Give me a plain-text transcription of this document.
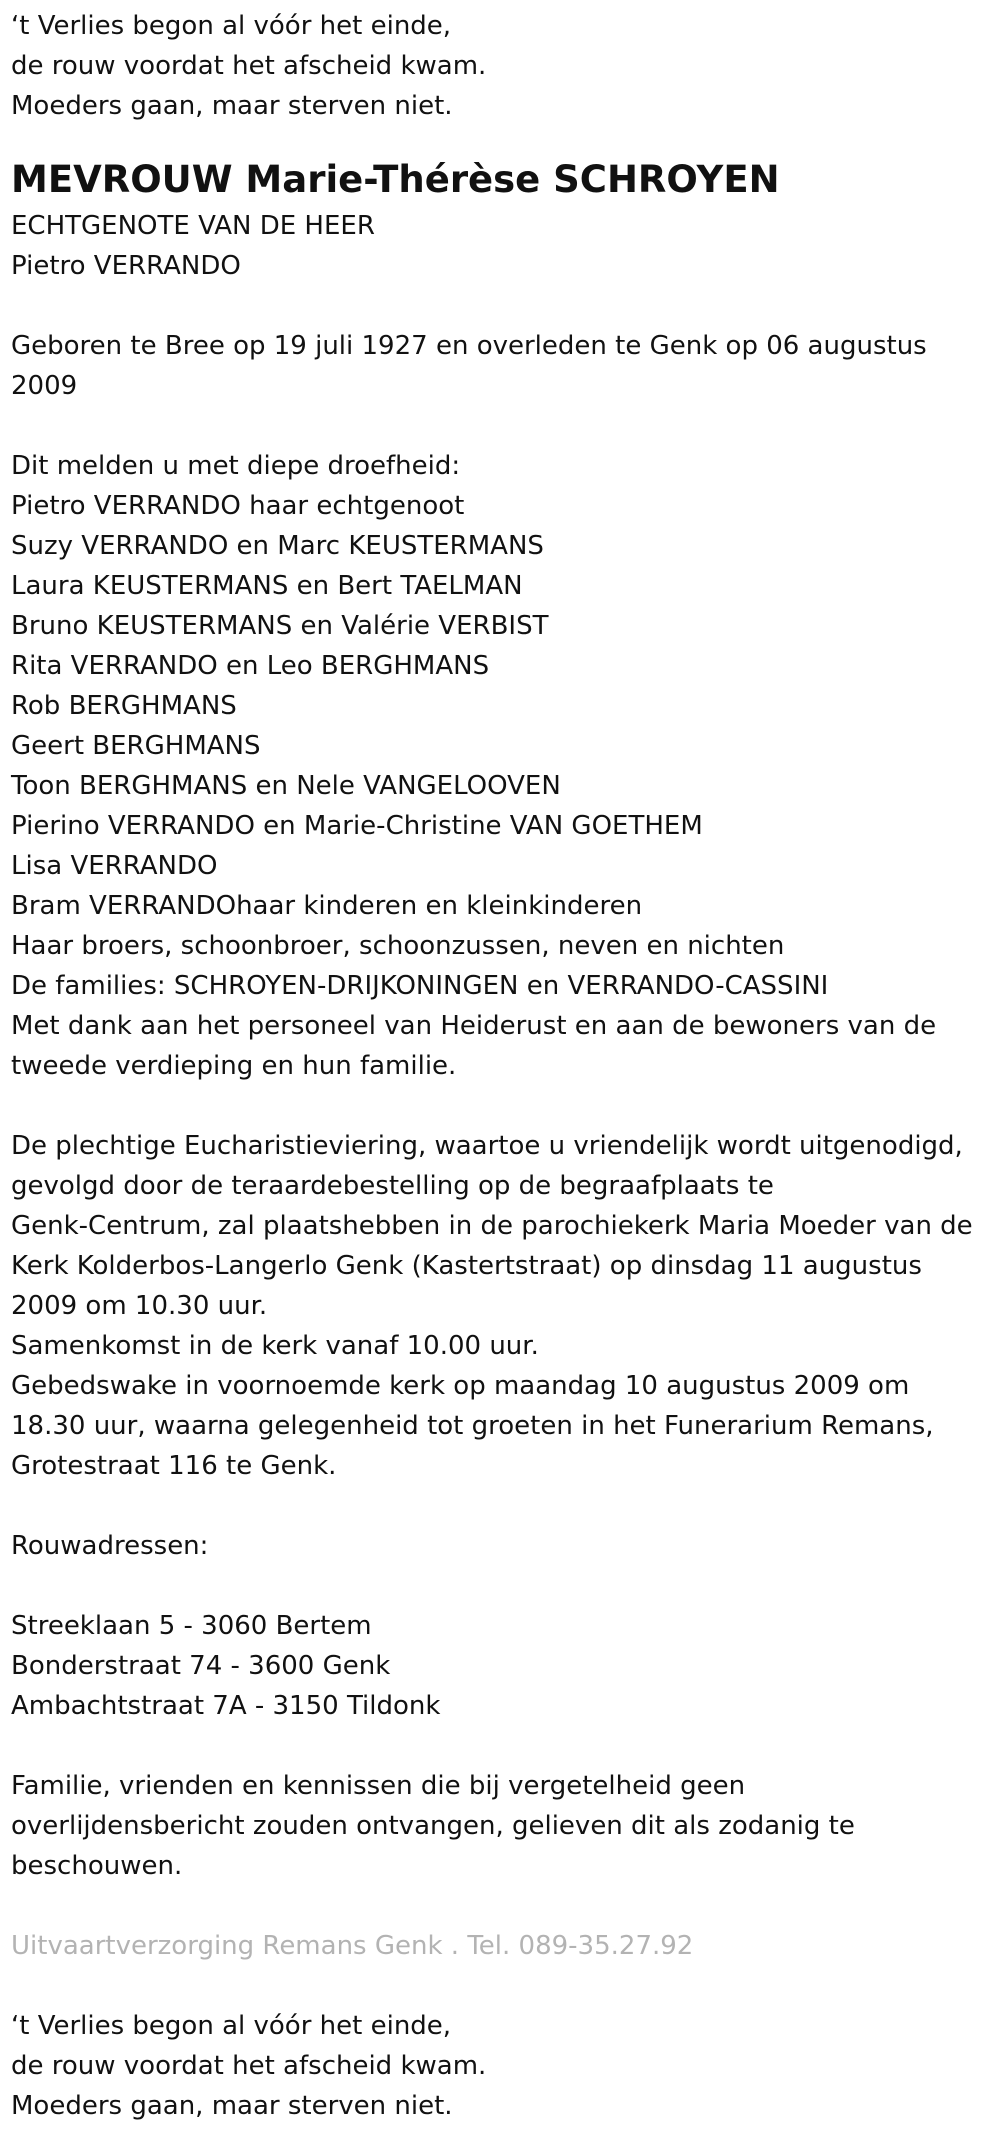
‘t Verlies begon al vóór het einde,
de rouw voordat het afscheid kwam.
Moeders gaan, maar sterven niet.
MEVROUW Marie-Thérèse SCHROYEN
ECHTGENOTE VAN DE HEER
Pietro VERRANDO
Geboren te Bree op 19 juli 1927 en overleden te Genk op 06 augustus
2009
Dit melden u met diepe droefheid:
Pietro VERRANDO haar echtgenoot
Suzy VERRANDO en Marc KEUSTERMANS
Laura KEUSTERMANS en Bert TAELMAN
Bruno KEUSTERMANS en Valérie VERBIST
Rita VERRANDO en Leo BERGHMANS
Rob BERGHMANS
Geert BERGHMANS
Toon BERGHMANS en Nele VANGELOOVEN
Pierino VERRANDO en Marie-Christine VAN GOETHEM
Lisa VERRANDO
Bram VERRANDOhaar kinderen en kleinkinderen
Haar broers, schoonbroer, schoonzussen, neven en nichten
De families: SCHROYEN-DRIJKONINGEN en VERRANDO-CASSINI
Met dank aan het personeel van Heiderust en aan de bewoners van de
tweede verdieping en hun familie.
De plechtige Eucharistieviering, waartoe u vriendelijk wordt uitgenodigd,
gevolgd door de teraardebestelling op de begraafplaats te
Genk-Centrum, zal plaatshebben in de parochiekerk Maria Moeder van de
Kerk Kolderbos-Langerlo Genk (Kastertstraat) op dinsdag 11 augustus
2009 om 10.30 uur.
Samenkomst in de kerk vanaf 10.00 uur.
Gebedswake in voornoemde kerk op maandag 10 augustus 2009 om
18.30 uur, waarna gelegenheid tot groeten in het Funerarium Remans,
Grotestraat 116 te Genk.
Rouwadressen:
Streeklaan 5 - 3060 Bertem
Bonderstraat 74 - 3600 Genk
Ambachtstraat 7A - 3150 Tildonk
Familie, vrienden en kennissen die bij vergetelheid geen
overlijdensbericht zouden ontvangen, gelieven dit als zodanig te
beschouwen.
Uitvaartverzorging Remans Genk . Tel. 089-35.27.92
‘t Verlies begon al vóór het einde,
de rouw voordat het afscheid kwam.
Moeders gaan, maar sterven niet.
